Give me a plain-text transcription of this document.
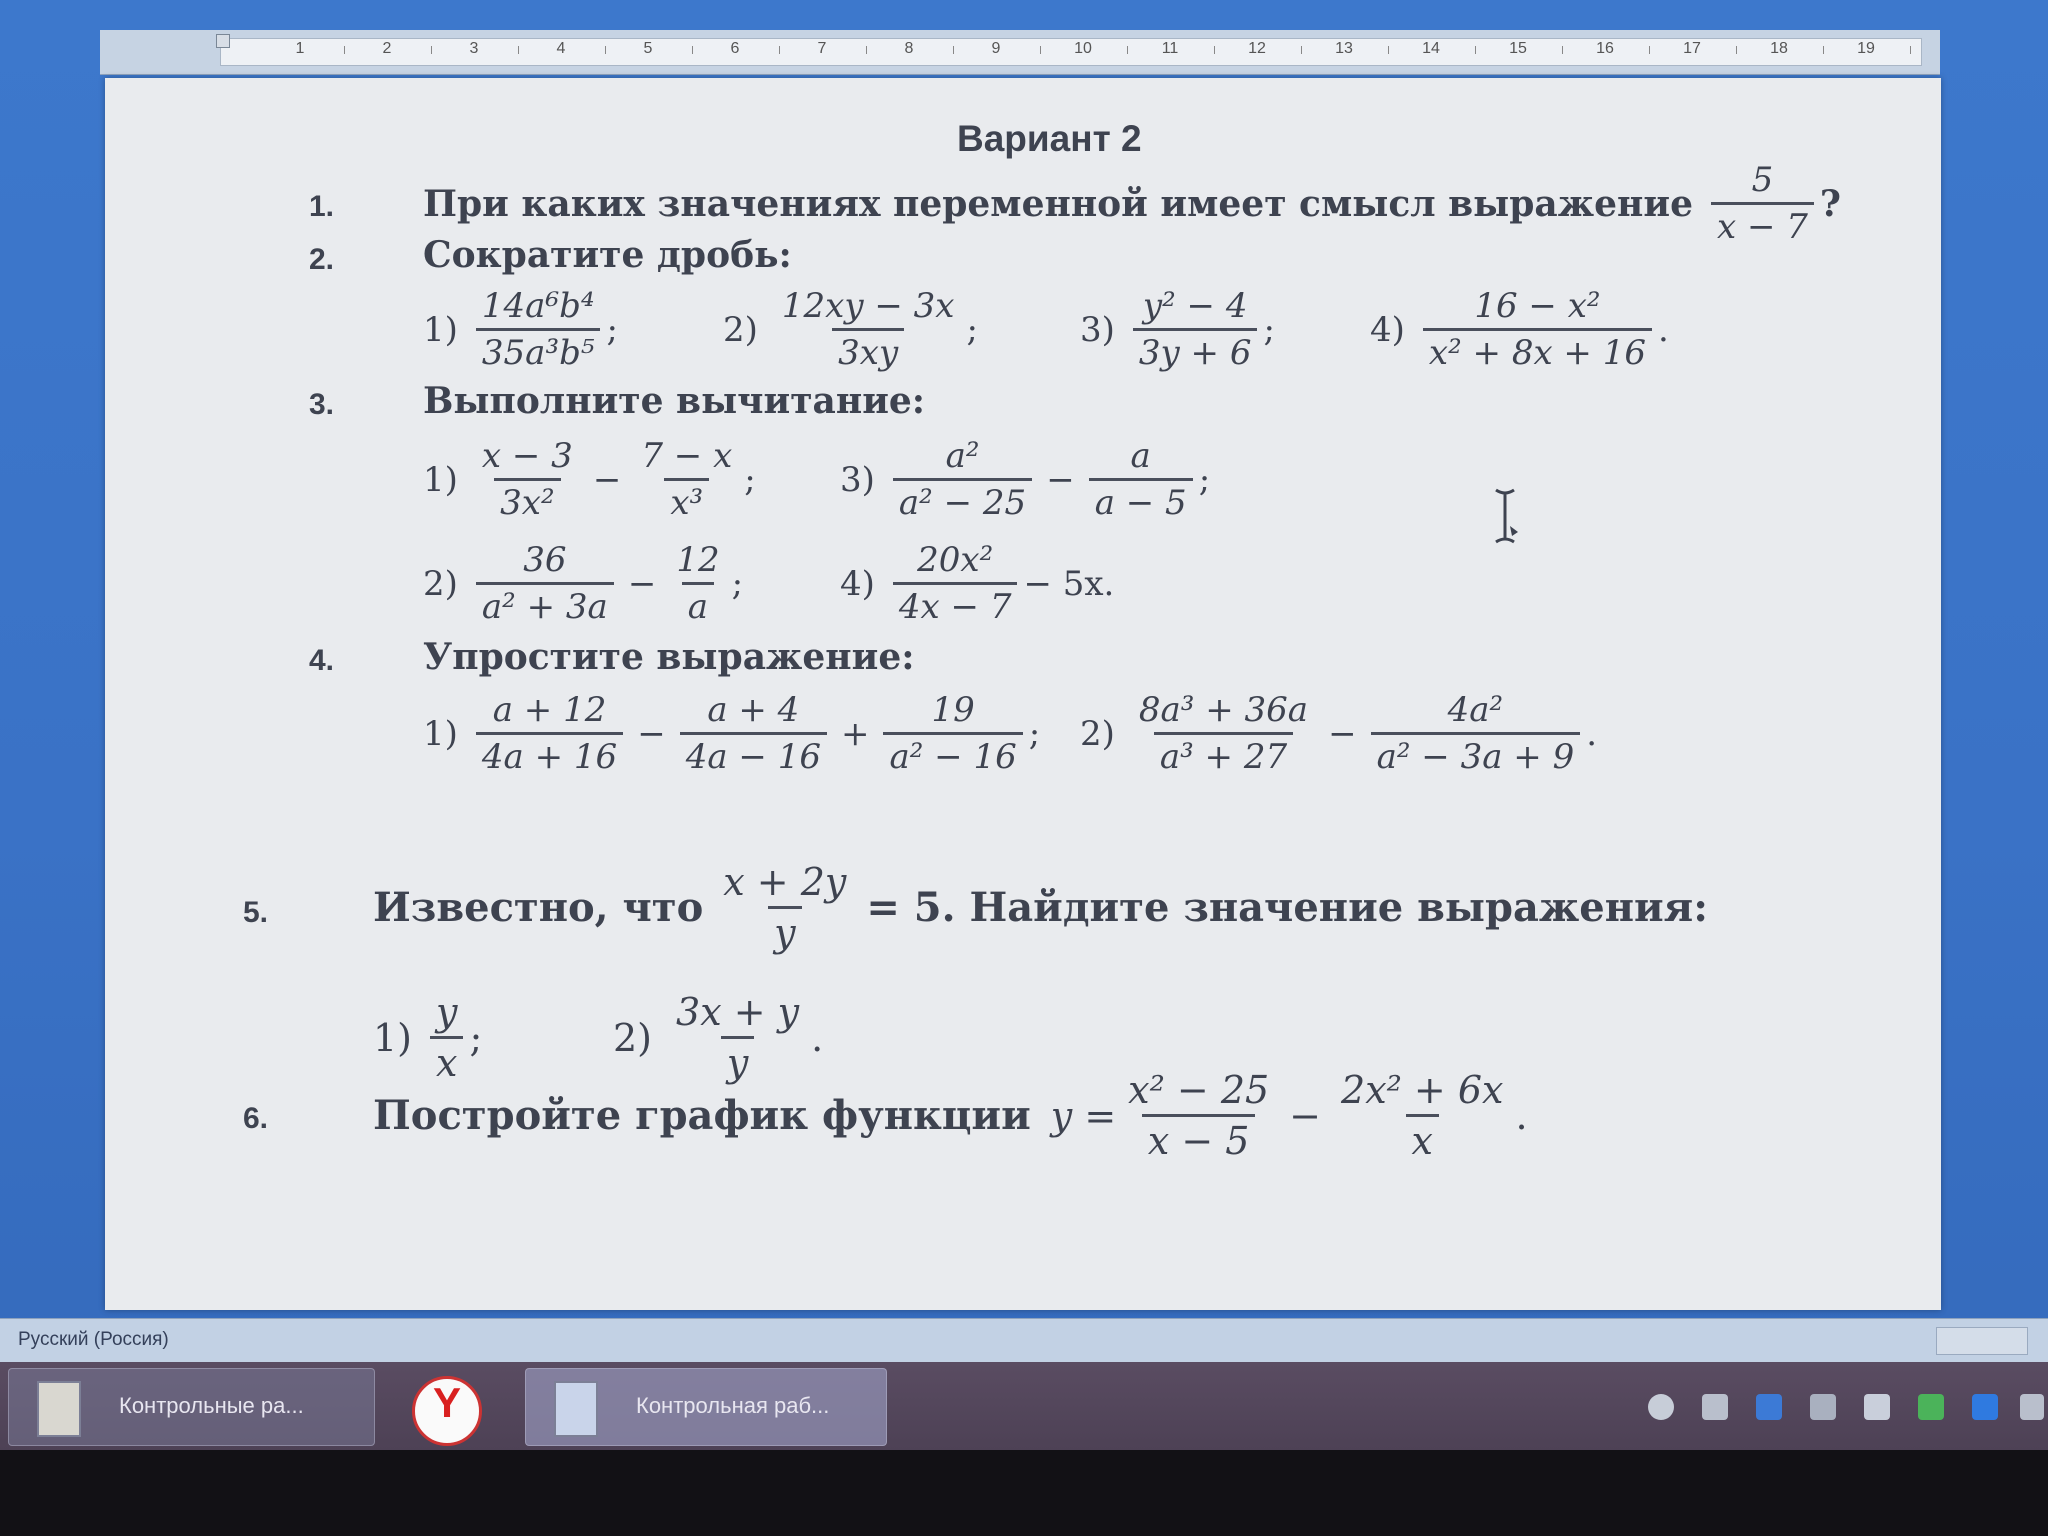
1	2	3	4	5	6	7	8	9	10	11	12	13	14	15	16	17	18	19
Вариант 2
1. При каких значениях переменной имеет смысл выражение $\frac{5}{x - 7}$ ?
2. Сократите дробь:
$1) \frac{\text{14a⁶b⁴}}{\text{35a³b⁵}}$ ;	$2) \frac{12xy - 3x}{3xy}$ ;	$3) \frac{\text{y² − 4}}{3y + 6}$ ;	$4) \frac{\text{16 − x²}}{\text{x² + 8x + 16}}$ .
3. Выполните вычитание:
$1) \frac{x - 3}{\text{3x²}} - \frac{7 - x}{\text{x³}}$ ; $3) \frac{\text{a²}}{\text{a² − 25}} - \frac{a}{a - 5}$ ;
$2) \frac{36}{\text{a² + 3a}} - \frac{12}{a}$ ;	$4) \frac{\text{20x²}}{4x - 7} - 5x$.
4. Упростите выражение:
$1) \frac{a + 12}{4a + 16} - \frac{a + 4}{4a - 16} + \frac{19}{\text{a² − 16}}$ ; $2) \frac{\text{8a³ + 36a}}{\text{a³ + 27}} - \frac{\text{4a²}}{\text{a² − 3a + 9}}$ .
5.	Известно, что $\frac{x + 2y}{y} = 5$. Найдите значение выражения:
$1) \frac{y}{x}$ ;	$2) \frac{3x + y}{y}$ .
6.	Постройте график функции $y = \frac{\text{x² − 25}}{x - 5} - \frac{\text{2x² + 6x}}{x}$ .
Русский (Россия)
Контрольные ра...	Y	Контрольная раб...
